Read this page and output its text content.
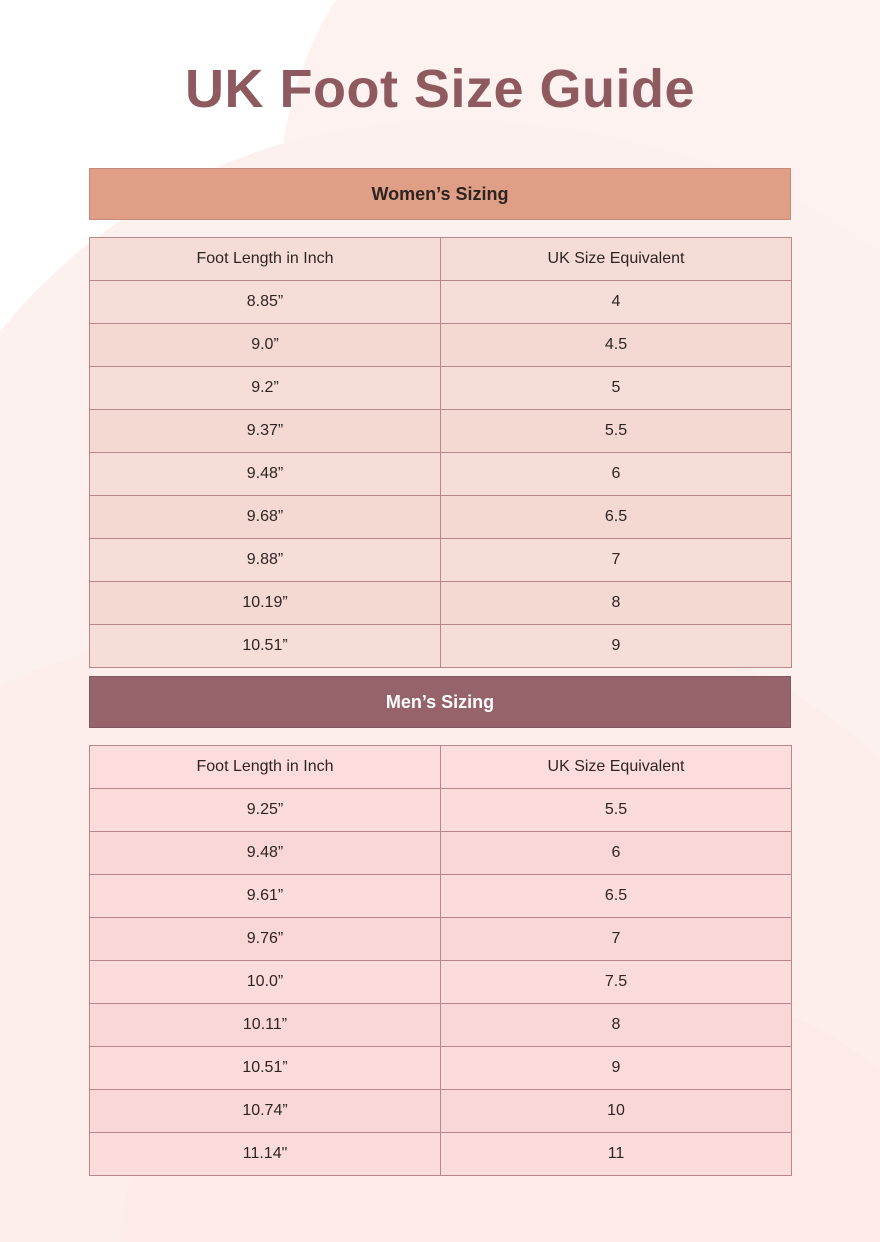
UK Foot Size Guide
Women’s Sizing
Foot Length in Inch	UK Size Equivalent
8.85”	4
9.0”	4.5
9.2”	5
9.37”	5.5
9.48”	6
9.68”	6.5
9.88”	7
10.19”	8
10.51”	9
Men’s Sizing
Foot Length in Inch	UK Size Equivalent
9.25”	5.5
9.48”	6
9.61”	6.5
9.76”	7
10.0”	7.5
10.11”	8
10.51”	9
10.74”	10
11.14"	11
